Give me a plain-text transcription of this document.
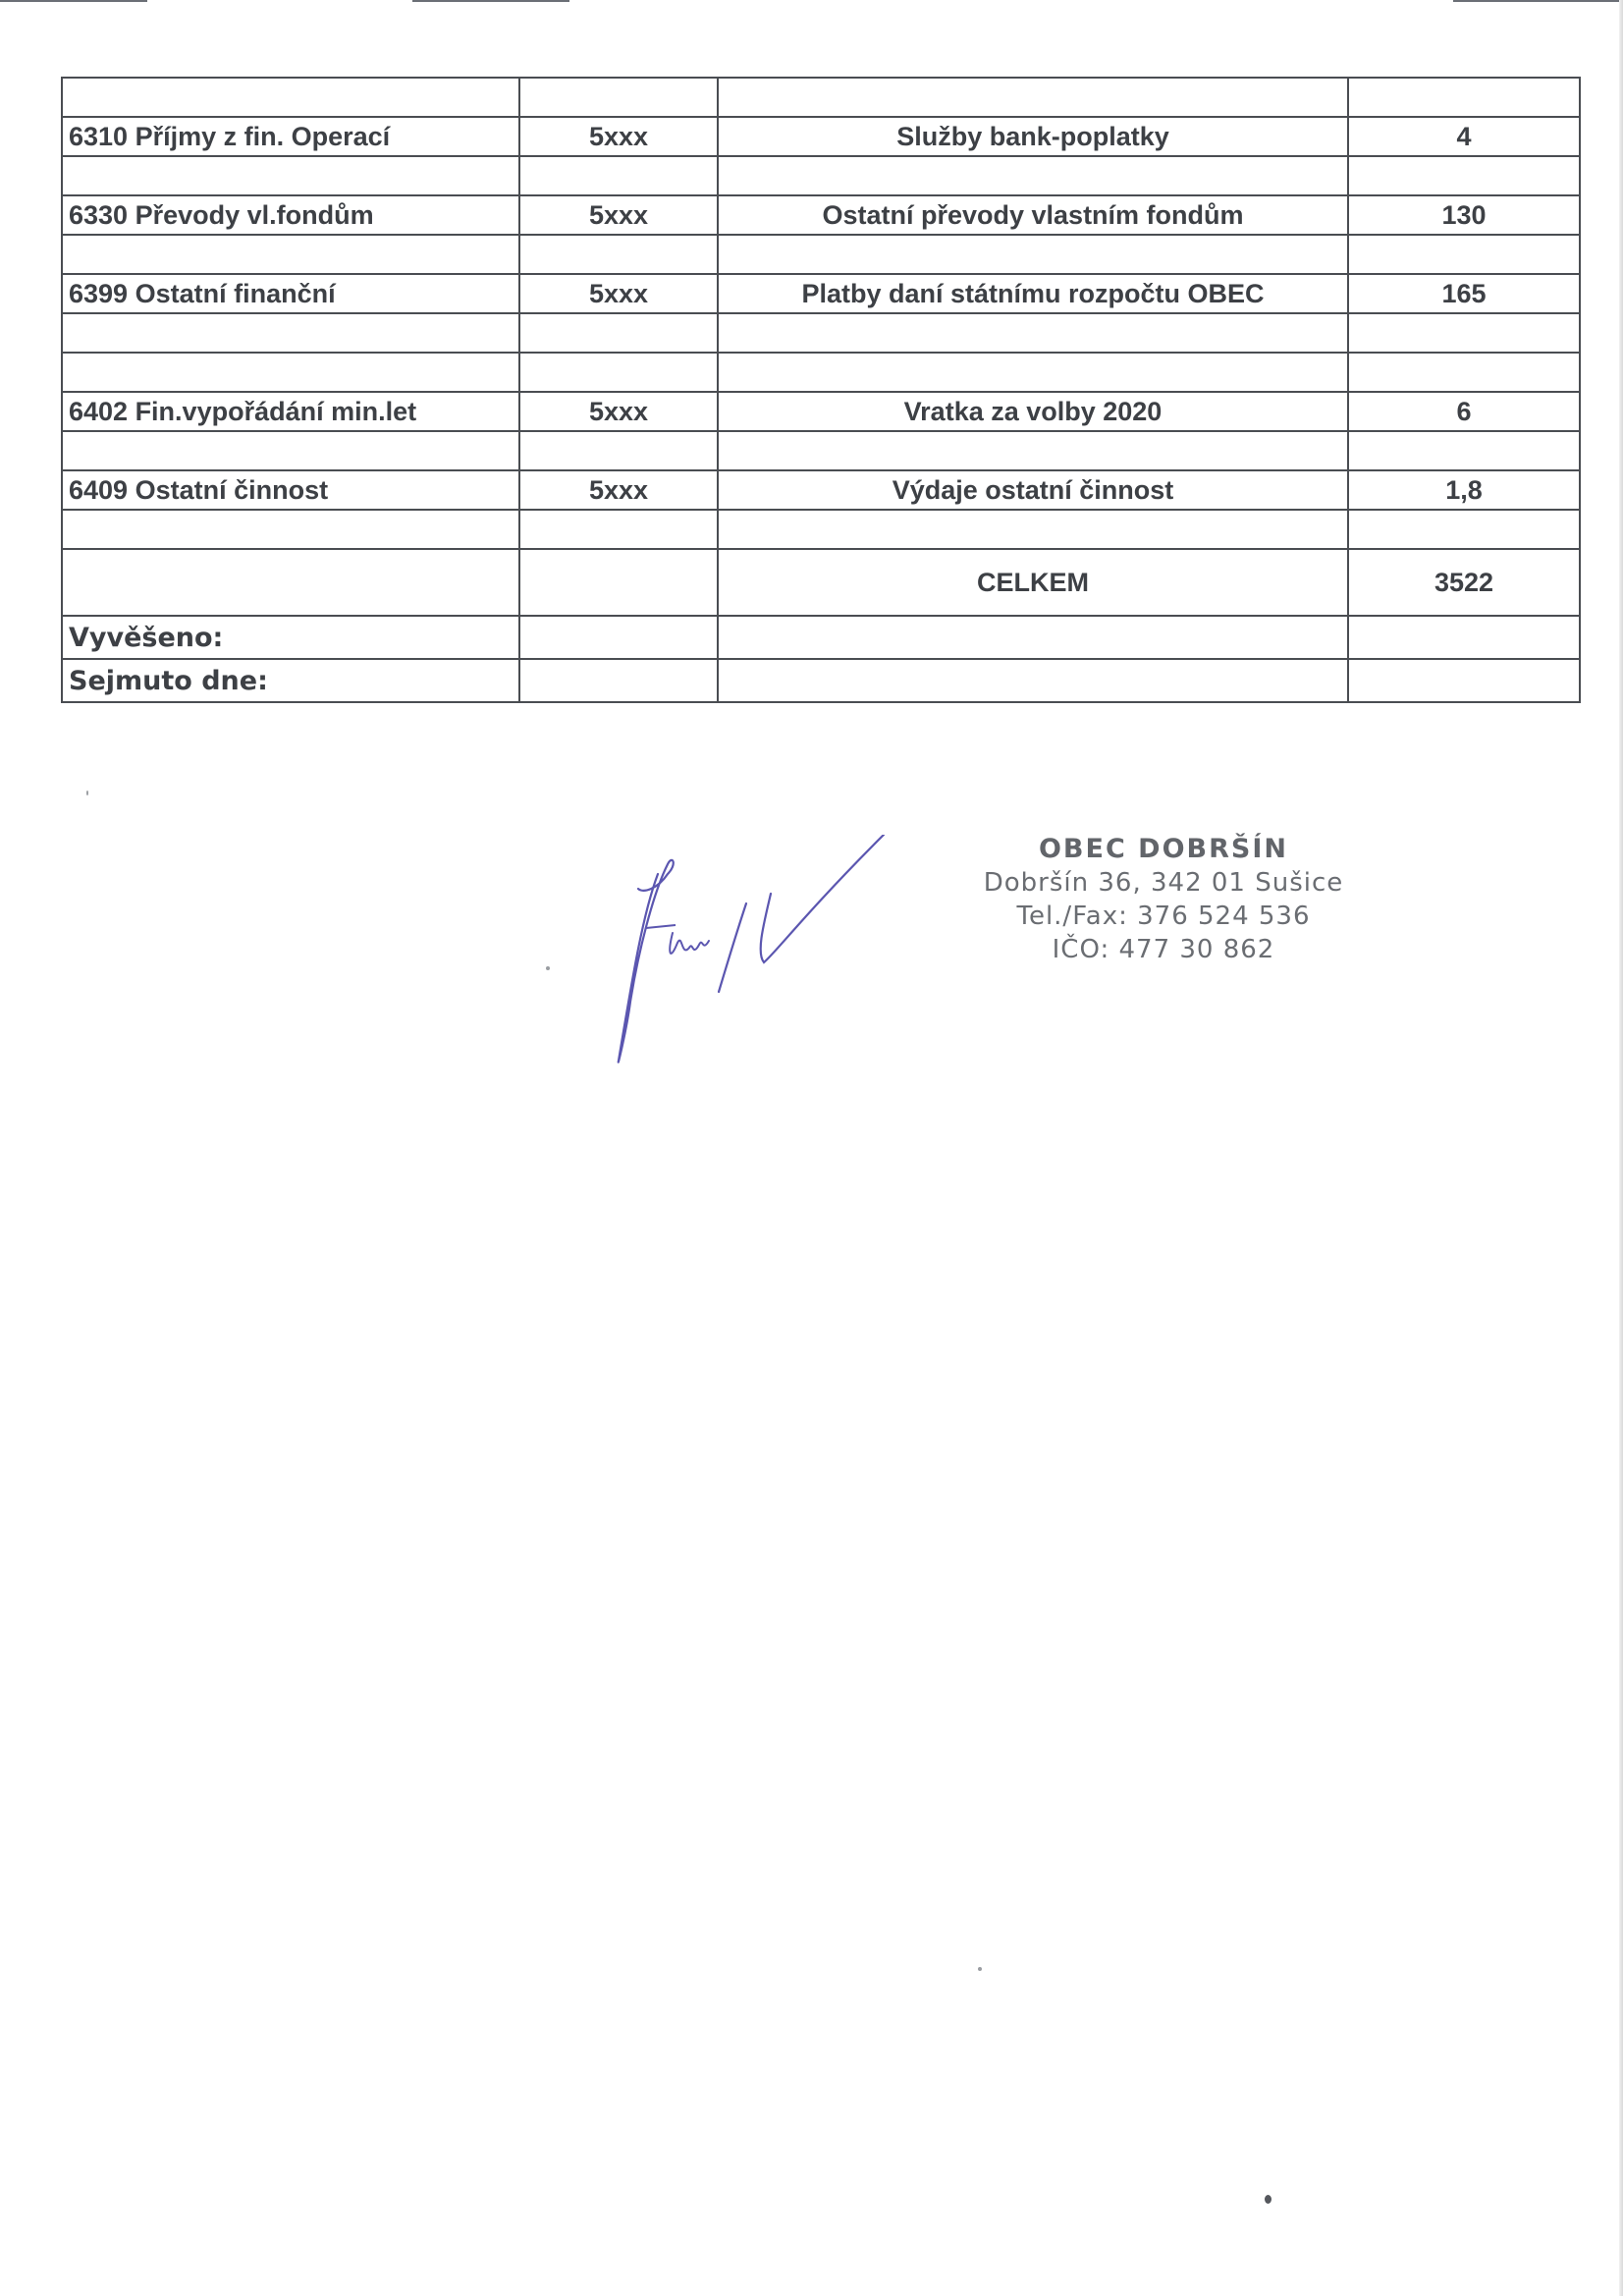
6310 Příjmy z fin. Operací	5xxx	Služby bank-poplatky	4

6330 Převody vl.fondům	5xxx	Ostatní převody vlastním fondům	130

6399 Ostatní finanční	5xxx	Platby daní státnímu rozpočtu OBEC	165

6402 Fin.vypořádání min.let	5xxx	Vratka za volby 2020	6

6409 Ostatní činnost	5xxx	Výdaje ostatní činnost	1,8

		CELKEM	3522
Vyvěšeno:			
Sejmuto dne:			
OBEC DOBRŠÍN
Dobršín 36, 342 01 Sušice
Tel./Fax: 376 524 536
IČO: 477 30 862
